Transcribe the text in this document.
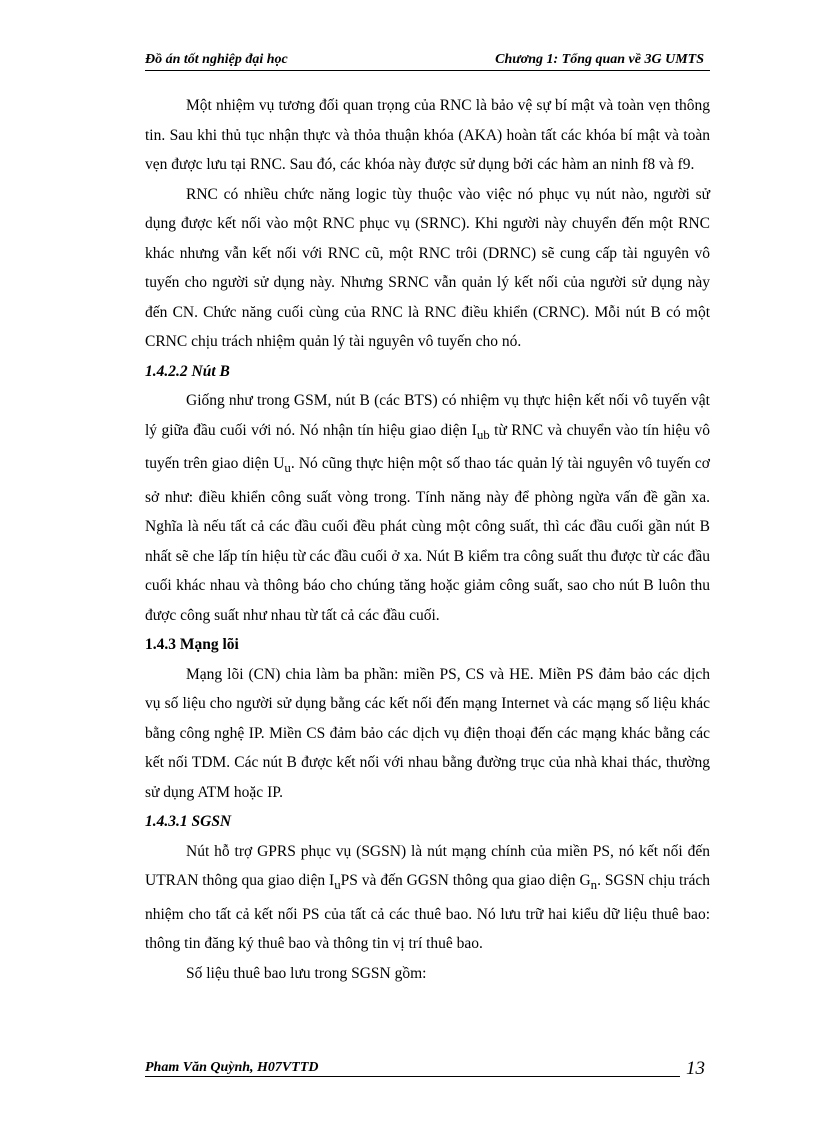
Đồ án tốt nghiệp đại học	Chương 1: Tổng quan về 3G UMTS

Một nhiệm vụ tương đối quan trọng của RNC là bảo vệ sự bí mật và toàn vẹn thông tin. Sau khi thủ tục nhận thực và thỏa thuận khóa (AKA) hoàn tất các khóa bí mật và toàn vẹn được lưu tại RNC. Sau đó, các khóa này được sử dụng bởi các hàm an ninh f8 và f9.

RNC có nhiều chức năng logic tùy thuộc vào việc nó phục vụ nút nào, người sử dụng được kết nối vào một RNC phục vụ (SRNC). Khi người này chuyển đến một RNC khác nhưng vẫn kết nối với RNC cũ, một RNC trôi (DRNC) sẽ cung cấp tài nguyên vô tuyến cho người sử dụng này. Nhưng SRNC vẫn quản lý kết nối của người sử dụng này đến CN. Chức năng cuối cùng của RNC là RNC điều khiển (CRNC). Mỗi nút B có một CRNC chịu trách nhiệm quản lý tài nguyên vô tuyến cho nó.

1.4.2.2 Nút B

Giống như trong GSM, nút B (các BTS) có nhiệm vụ thực hiện kết nối vô tuyến vật lý giữa đầu cuối với nó. Nó nhận tín hiệu giao diện $I_{ub}$ từ RNC và chuyển vào tín hiệu vô tuyến trên giao diện $U_u$. Nó cũng thực hiện một số thao tác quản lý tài nguyên vô tuyến cơ sở như: điều khiển công suất vòng trong. Tính năng này để phòng ngừa vấn đề gần xa. Nghĩa là nếu tất cả các đầu cuối đều phát cùng một công suất, thì các đầu cuối gần nút B nhất sẽ che lấp tín hiệu từ các đầu cuối ở xa. Nút B kiểm tra công suất thu được từ các đầu cuối khác nhau và thông báo cho chúng tăng hoặc giảm công suất, sao cho nút B luôn thu được công suất như nhau từ tất cả các đầu cuối.

1.4.3 Mạng lõi

Mạng lõi (CN) chia làm ba phần: miền PS, CS và HE. Miền PS đảm bảo các dịch vụ số liệu cho người sử dụng bằng các kết nối đến mạng Internet và các mạng số liệu khác bằng công nghệ IP. Miền CS đảm bảo các dịch vụ điện thoại đến các mạng khác bằng các kết nối TDM. Các nút B được kết nối với nhau bằng đường trục của nhà khai thác, thường sử dụng ATM hoặc IP.

1.4.3.1 SGSN

Nút hỗ trợ GPRS phục vụ (SGSN) là nút mạng chính của miền PS, nó kết nối đến UTRAN thông qua giao diện $I_uPS$ và đến GGSN thông qua giao diện $G_n$. SGSN chịu trách nhiệm cho tất cả kết nối PS của tất cả các thuê bao. Nó lưu trữ hai kiểu dữ liệu thuê bao: thông tin đăng ký thuê bao và thông tin vị trí thuê bao.

Số liệu thuê bao lưu trong SGSN gồm:

Pham Văn Quỳnh, H07VTTD	13
